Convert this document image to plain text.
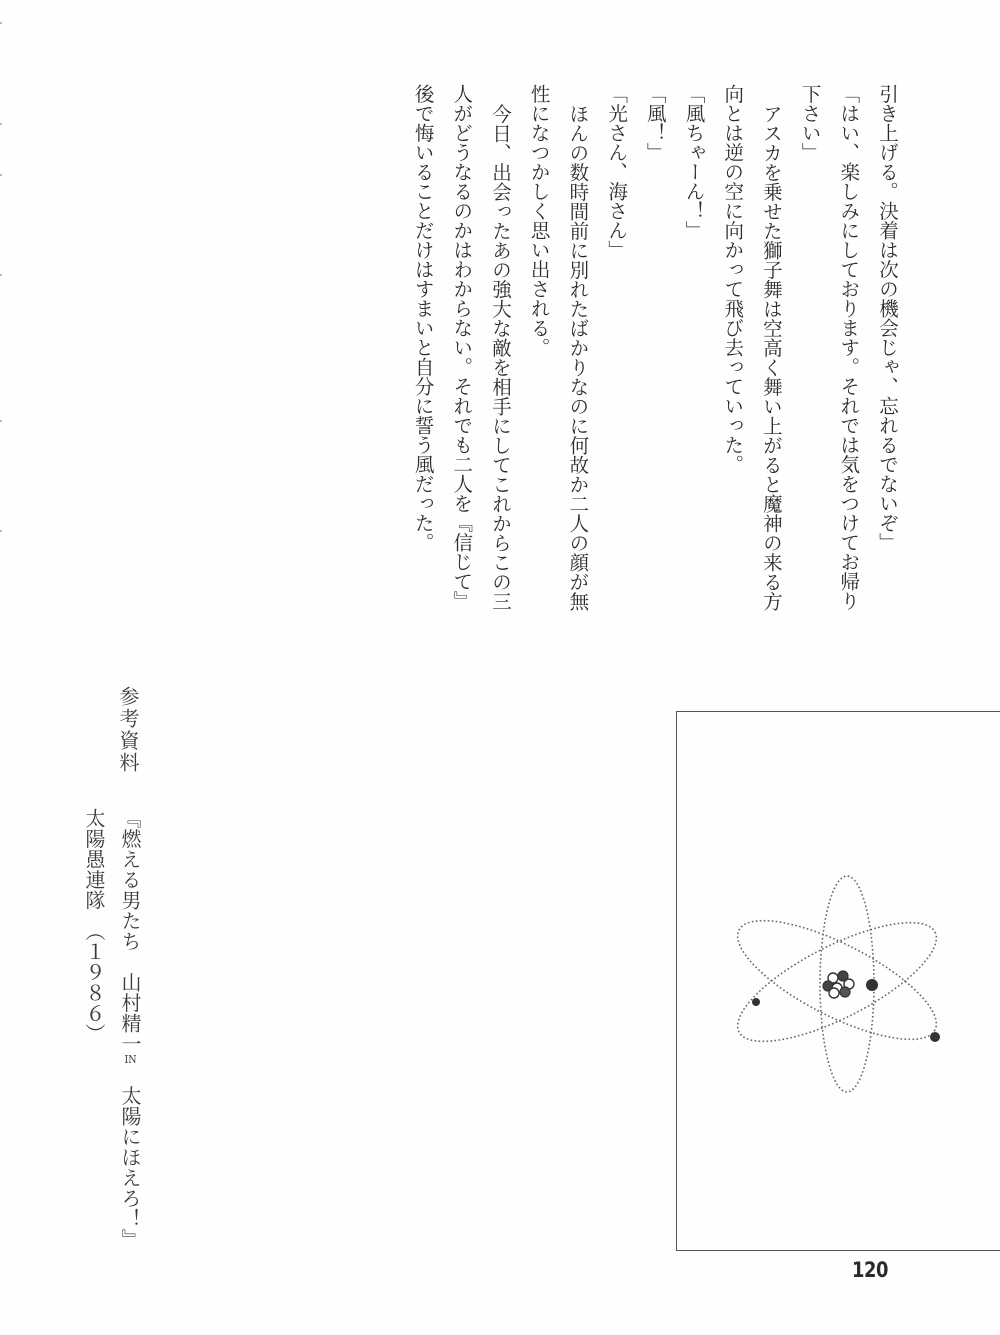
引き上げる。決着は次の機会じゃ、忘れるでないぞ」

「はい、楽しみにしております。それでは気をつけてお帰り下さい」

アスカを乗せた獅子舞は空高く舞い上がると魔神の来る方向とは逆の空に向かって飛び去っていった。

「風ちゃーん！」

「風！」

「光さん、海さん」

ほんの数時間前に別れたばかりなのに何故か二人の顔が無性になつかしく思い出される。

今日、出会ったあの強大な敵を相手にしてこれからこの三人がどうなるのかはわからない。それでも二人を『信じて』後で悔いることだけはすまいと自分に誓う風だった。

参考資料

『燃える男たち　山村精一IN　太陽にほえろ！』

太陽愚連隊　（１９８６）

120
